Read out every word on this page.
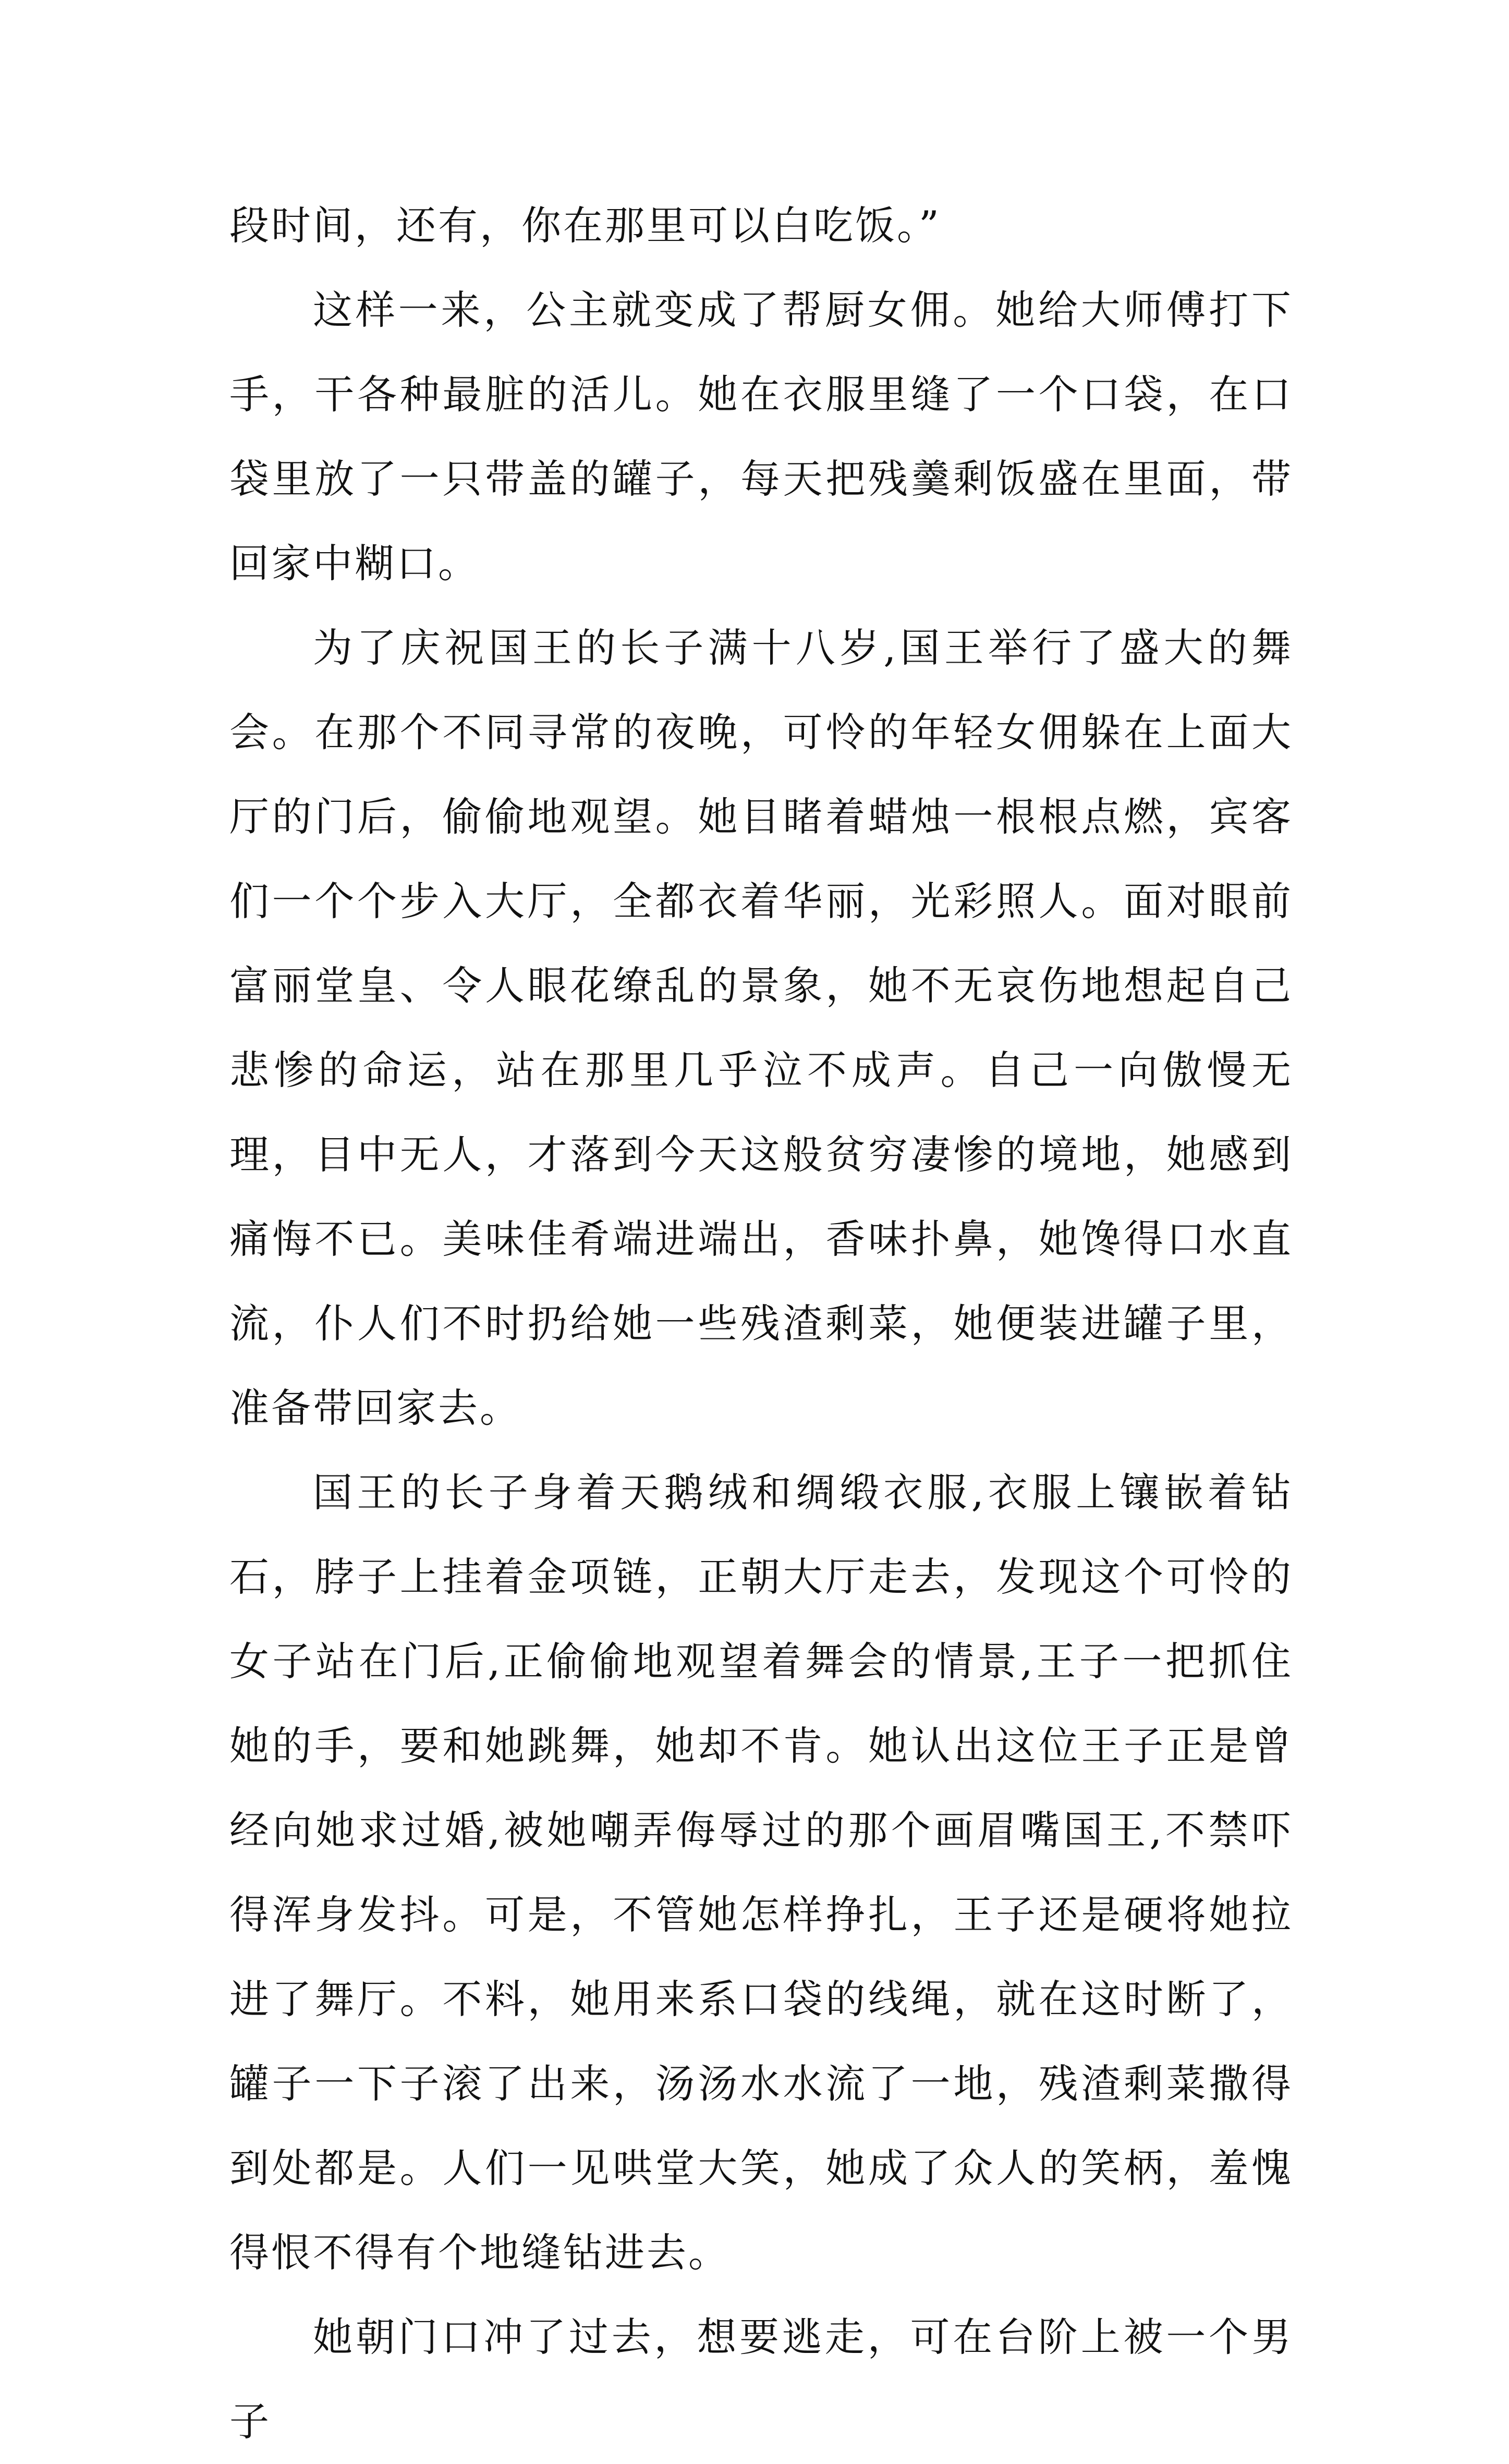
段时间，还有，你在那里可以白吃饭。”

这样一来，公主就变成了帮厨女佣。她给大师傅打下手，干各种最脏的活儿。她在衣服里缝了一个口袋，在口袋里放了一只带盖的罐子，每天把残羹剩饭盛在里面，带回家中糊口。

为了庆祝国王的长子满十八岁,国王举行了盛大的舞会。在那个不同寻常的夜晚，可怜的年轻女佣躲在上面大厅的门后，偷偷地观望。她目睹着蜡烛一根根点燃，宾客们一个个步入大厅，全都衣着华丽，光彩照人。面对眼前富丽堂皇、令人眼花缭乱的景象，她不无哀伤地想起自己悲惨的命运，站在那里几乎泣不成声。自己一向傲慢无理，目中无人，才落到今天这般贫穷凄惨的境地，她感到痛悔不已。美味佳肴端进端出，香味扑鼻，她馋得口水直流，仆人们不时扔给她一些残渣剩菜，她便装进罐子里，准备带回家去。

国王的长子身着天鹅绒和绸缎衣服,衣服上镶嵌着钻石，脖子上挂着金项链，正朝大厅走去，发现这个可怜的女子站在门后,正偷偷地观望着舞会的情景,王子一把抓住她的手，要和她跳舞，她却不肯。她认出这位王子正是曾经向她求过婚,被她嘲弄侮辱过的那个画眉嘴国王,不禁吓得浑身发抖。可是，不管她怎样挣扎，王子还是硬将她拉进了舞厅。不料，她用来系口袋的线绳，就在这时断了，罐子一下子滚了出来，汤汤水水流了一地，残渣剩菜撒得到处都是。人们一见哄堂大笑，她成了众人的笑柄，羞愧得恨不得有个地缝钻进去。

她朝门口冲了过去，想要逃走，可在台阶上被一个男子
